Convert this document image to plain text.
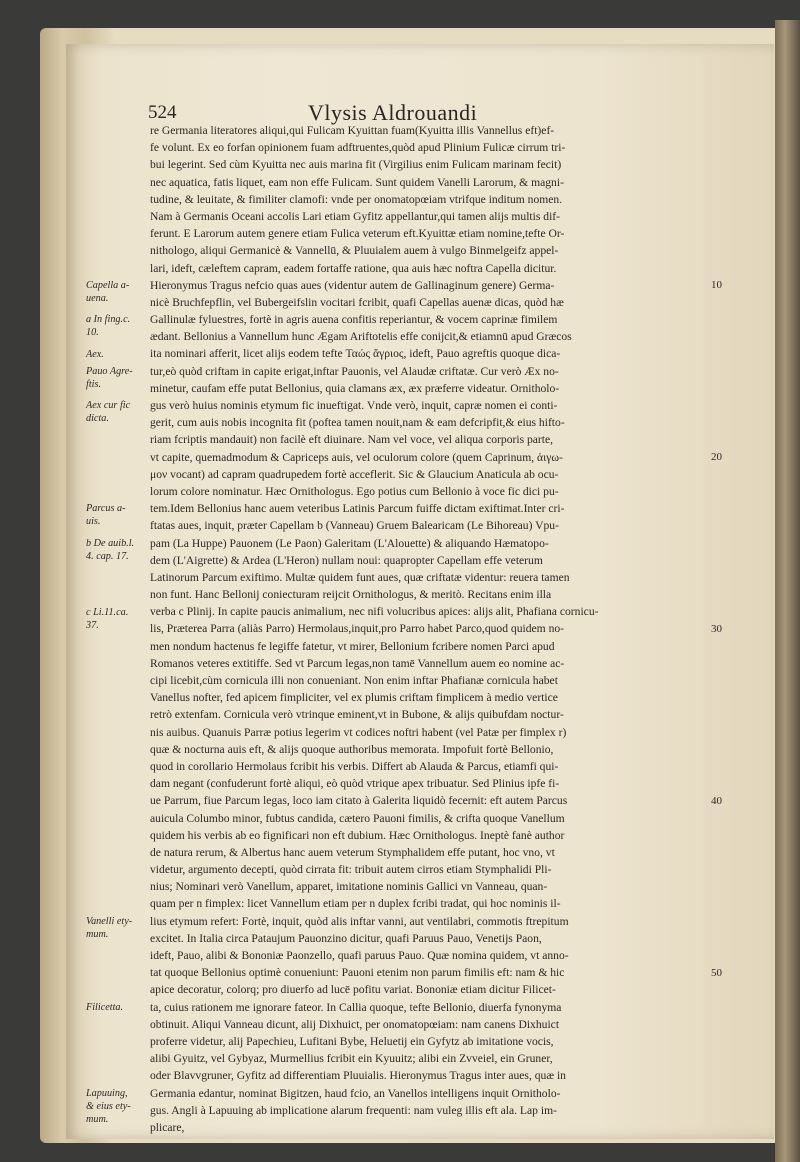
524	Vlysis Aldrouandi
re Germania literatores aliqui,qui Fulicam Kyuittan fuam(Kyuitta illis Vannellus eft)ef-
fe volunt. Ex eo forfan opinionem fuam adftruentes,quòd apud Plinium Fulicæ cirrum tri-
bui legerint. Sed cùm Kyuitta nec auis marina fit (Virgilius enim Fulicam marinam fecit)
nec aquatica, fatis liquet, eam non effe Fulicam. Sunt quidem Vanelli Larorum, & magni-
tudine, & leuitate, & fimiliter clamofi: vnde per onomatopœiam vtrifque inditum nomen.
Nam à Germanis Oceani accolis Lari etiam Gyfitz appellantur,qui tamen alijs multis dif-
ferunt. E Larorum autem genere etiam Fulica veterum eft.Kyuittæ etiam nomine,tefte Or-
nithologo, aliqui Germanicè & Vannellū, & Pluuialem auem à vulgo Binmelgeifz appel-
lari, ideft, cæleftem capram, eadem fortaffe ratione, qua auis hæc noftra Capella dicitur.
Hieronymus Tragus nefcio quas aues (videntur autem de Gallinaginum genere) Germa-
nicè Bruchfepflin, vel Bubergeifslin vocitari fcribit, quafi Capellas auenæ dicas, quòd hæ
Gallinulæ fyluestres, fortè in agris auena confitis reperiantur, & vocem caprinæ fimilem
ædant. Bellonius a Vannellum hunc Ægam Ariftotelis effe conijcit,& etiamnū apud Græcos
ita nominari afferit, licet alijs eodem tefte Ταώς ἄγριος, ideft, Pauo agreftis quoque dica-
tur,eò quòd criftam in capite erigat,inftar Pauonis, vel Alaudæ criftatæ. Cur verò Æx no-
minetur, caufam effe putat Bellonius, quia clamans æx, æx præferre videatur. Ornitholo-
gus verò huius nominis etymum fic inueftigat. Vnde verò, inquit, capræ nomen ei conti-
gerit, cum auis nobis incognita fit (poftea tamen nouit,nam & eam defcripfit,& eius hifto-
riam fcriptis mandauit) non facilè eft diuinare. Nam vel voce, vel aliqua corporis parte,
vt capite, quemadmodum & Capriceps auis, vel oculorum colore (quem Caprinum, ἀιγω-
μον vocant) ad capram quadrupedem fortè acceflerit. Sic & Glaucium Anaticula ab ocu-
lorum colore nominatur. Hæc Ornithologus. Ego potius cum Bellonio à voce fic dici pu-
tem.Idem Bellonius hanc auem veteribus Latinis Parcum fuiffe dictam exiftimat.Inter cri-
ftatas aues, inquit, præter Capellam b (Vanneau) Gruem Balearicam (Le Bihoreau) Vpu-
pam (La Huppe) Pauonem (Le Paon) Galeritam (L'Alouette) & aliquando Hæmatopo-
dem (L'Aigrette) & Ardea (L'Heron) nullam noui: quapropter Capellam effe veterum
Latinorum Parcum exiftimo. Multæ quidem funt aues, quæ criftatæ videntur: reuera tamen
non funt. Hanc Bellonij coniecturam reijcit Ornithologus, & meritò. Recitans enim illa
verba c Plinij. In capite paucis animalium, nec nifi volucribus apices: alijs alit, Phafiana cornicu-
lis, Præterea Parra (aliàs Parro) Hermolaus,inquit,pro Parro habet Parco,quod quidem no-
men nondum hactenus fe legiffe fatetur, vt mirer, Bellonium fcribere nomen Parci apud
Romanos veteres extitiffe. Sed vt Parcum legas,non tamē Vannellum auem eo nomine ac-
cipi licebit,cùm cornicula illi non conueniant. Non enim inftar Phafianæ cornicula habet
Vanellus nofter, fed apicem fimpliciter, vel ex plumis criftam fimplicem à medio vertice
retrò extenfam. Cornicula verò vtrinque eminent,vt in Bubone, & alijs quibufdam noctur-
nis auibus. Quanuis Parræ potius legerim vt codices noftri habent (vel Patæ per fimplex r)
quæ & nocturna auis eft, & alijs quoque authoribus memorata. Impofuit fortè Bellonio,
quod in corollario Hermolaus fcribit his verbis. Differt ab Alauda & Parcus, etiamfi qui-
dam negant (confuderunt fortè aliqui, eò quòd vtrique apex tribuatur. Sed Plinius ipfe fi-
ue Parrum, fiue Parcum legas, loco iam citato à Galerita liquidò fecernit: eft autem Parcus
auicula Columbo minor, fubtus candida, cætero Pauoni fimilis, & crifta quoque Vanellum
quidem his verbis ab eo fignificari non eft dubium. Hæc Ornithologus. Ineptè fanè author
de natura rerum, & Albertus hanc auem veterum Stymphalidem effe putant, hoc vno, vt
videtur, argumento decepti, quòd cirrata fit: tribuit autem cirros etiam Stymphalidi Pli-
nius; Nominari verò Vanellum, apparet, imitatione nominis Gallici vn Vanneau, quan-
quam per n fimplex: licet Vannellum etiam per n duplex fcribi tradat, qui hoc nominis il-
lius etymum refert: Fortè, inquit, quòd alis inftar vanni, aut ventilabri, commotis ftrepitum
excitet. In Italia circa Pataujum Pauonzino dicitur, quafi Paruus Pauo, Venetijs Paon,
ideft, Pauo, alibi & Bononiæ Paonzello, quafi paruus Pauo. Quæ nomina quidem, vt anno-
tat quoque Bellonius optimè conueniunt: Pauoni etenim non parum fimilis eft: nam & hic
apice decoratur, colorq; pro diuerfo ad lucē pofitu variat. Bononiæ etiam dicitur Filicet-
ta, cuius rationem me ignorare fateor. In Callia quoque, tefte Bellonio, diuerfa fynonyma
obtinuit. Aliqui Vanneau dicunt, alij Dixhuict, per onomatopœiam: nam canens Dixhuict
proferre videtur, alij Papechieu, Lufitani Bybe, Heluetij ein Gyfytz ab imitatione vocis,
alibi Gyuitz, vel Gybyaz, Murmellius fcribit ein Kyuuitz; alibi ein Zvveiel, ein Gruner,
oder Blavvgruner, Gyfitz ad differentiam Pluuialis. Hieronymus Tragus inter aues, quæ in
Germania edantur, nominat Bigitzen, haud fcio, an Vanellos intelligens inquit Ornitholo-
gus. Angli à Lapuuing ab implicatione alarum frequenti: nam vuleg illis eft ala. Lap im-
plicare,
Capella a-
uena.
a In fing.c.
10.
Aex.
Pauo Agre-
ftis.
Aex cur fic
dicta.
Parcus a-
uis.
b De auib.l.
4. cap. 17.
c Li.11.ca.
37.
Vanelli ety-
mum.
Filicetta.
Lapuuing,
& eius ety-
mum.
10
20
30
40
50
